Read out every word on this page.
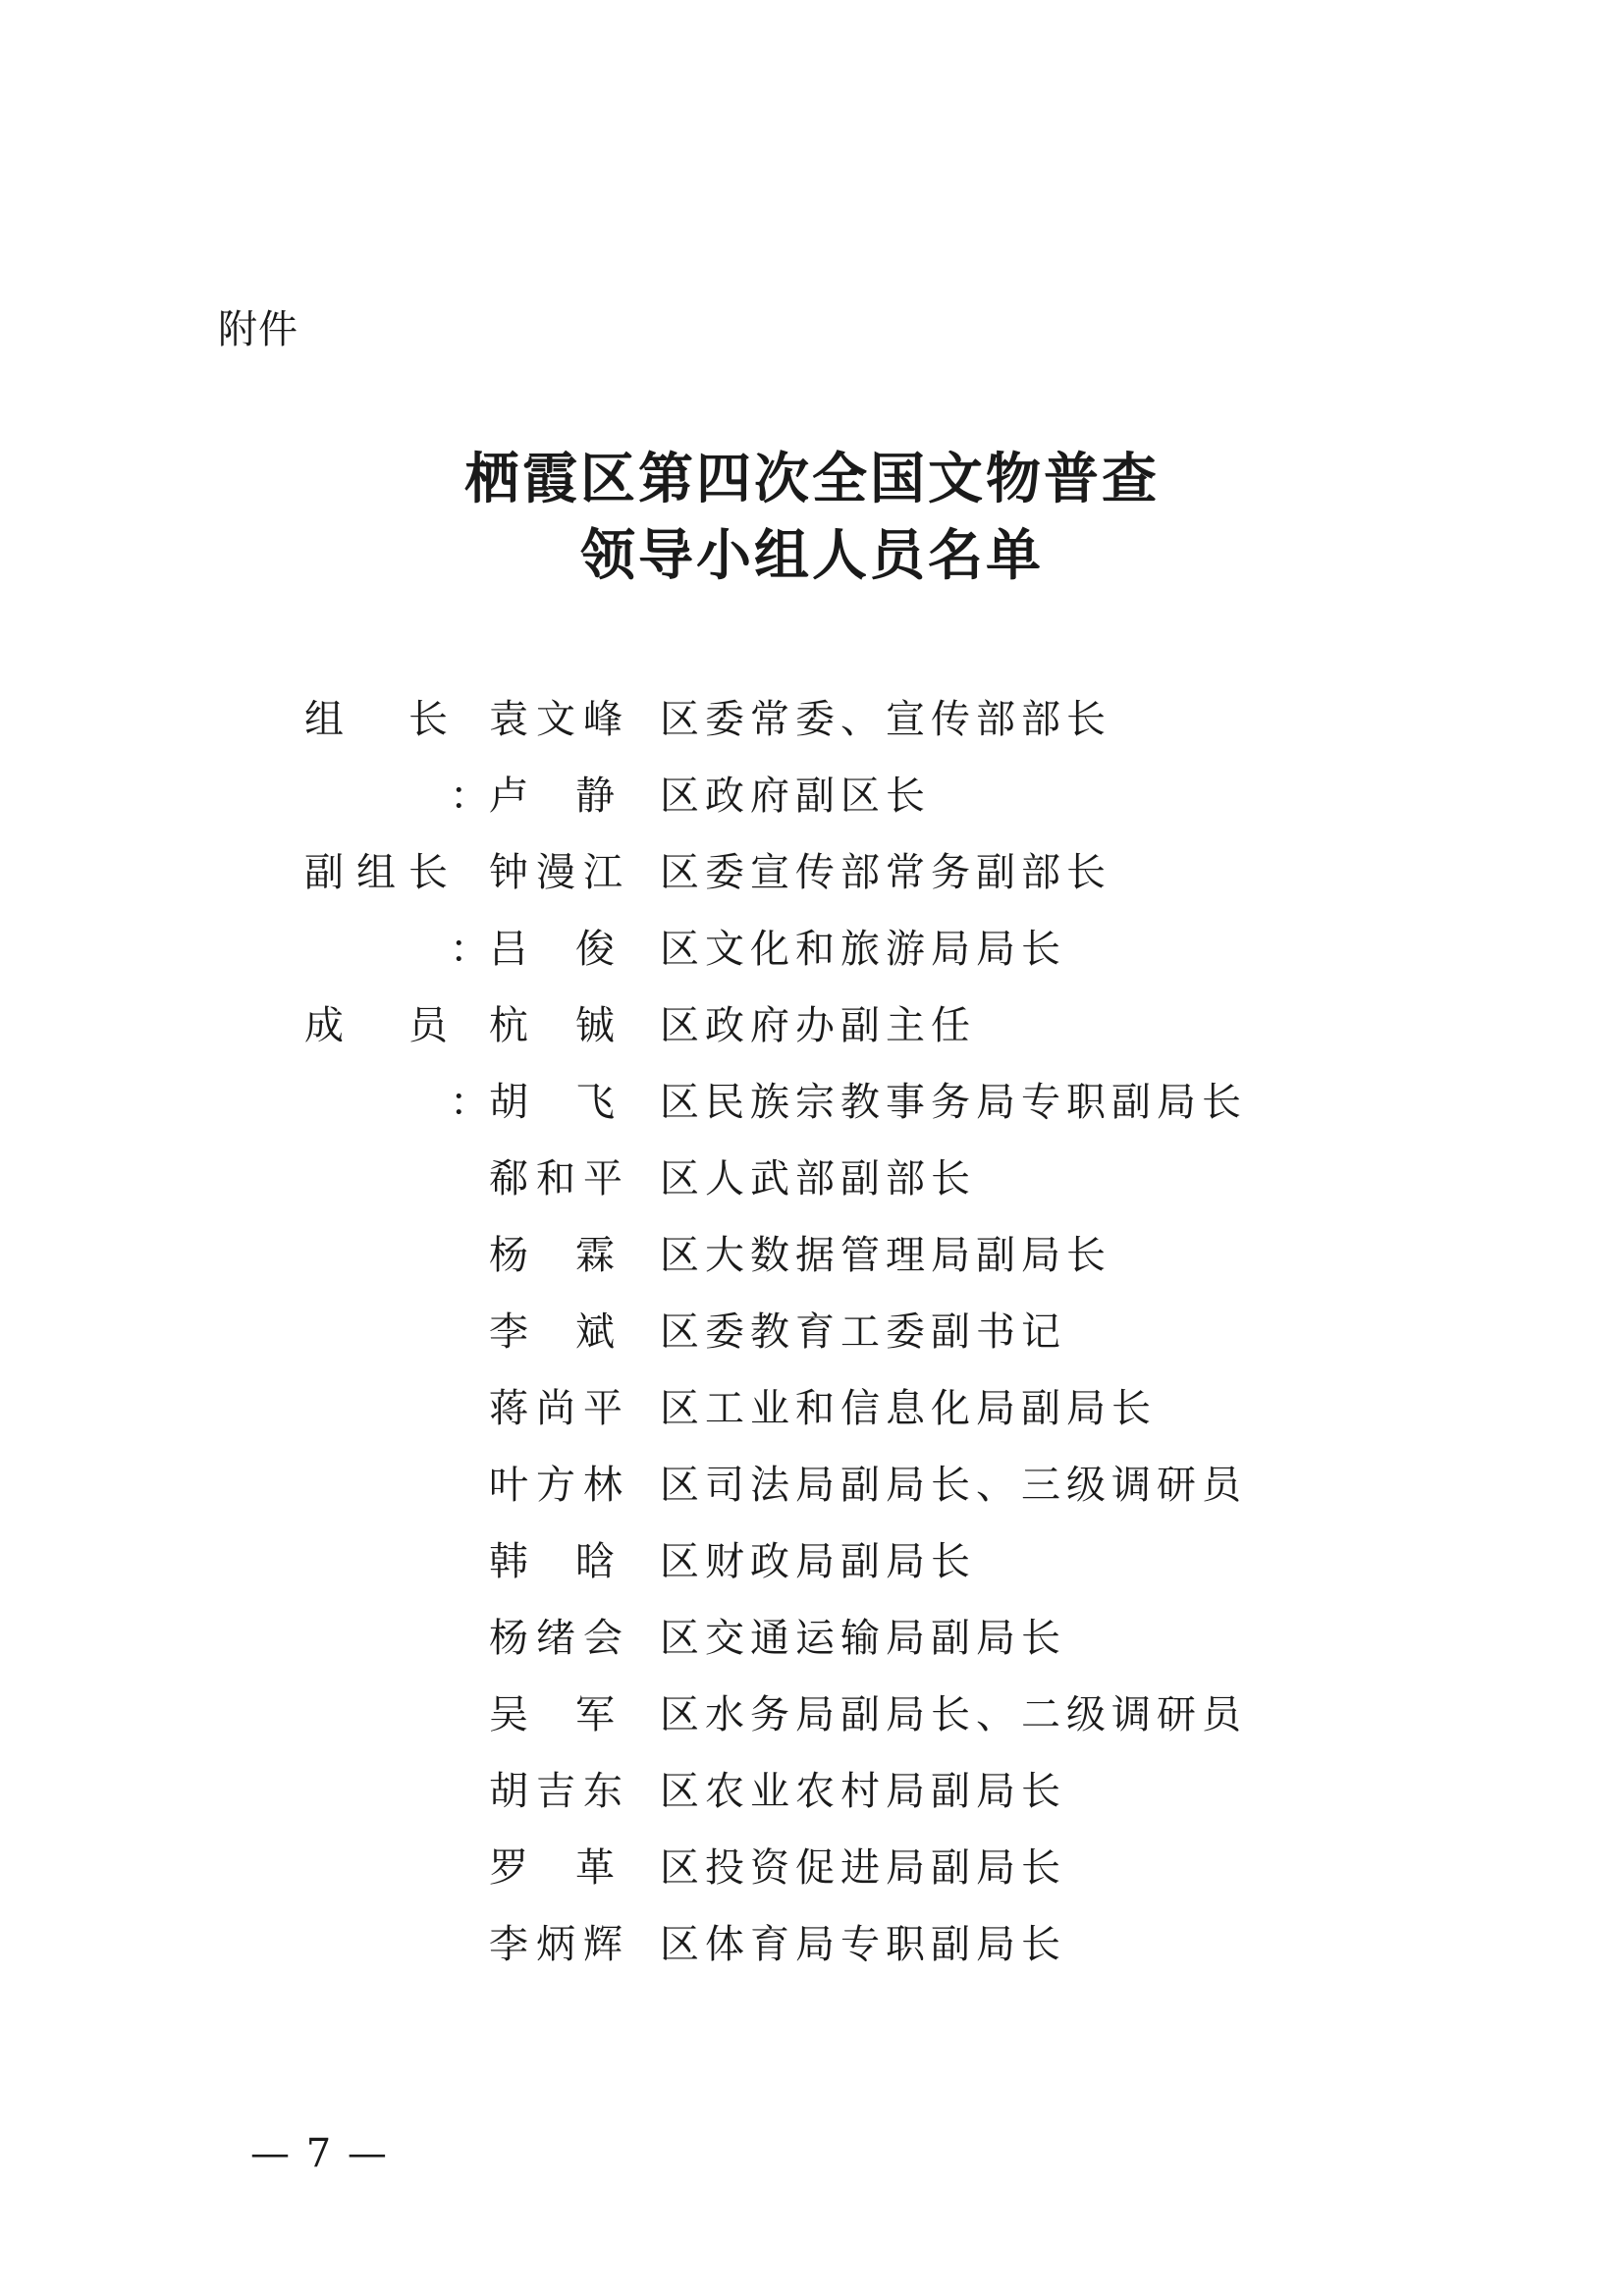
附件
栖霞区第四次全国文物普查
领导小组人员名单
组 长
：
袁文峰 区委常委、宣传部部长
卢 静 区政府副区长
副 组 长
：
钟漫江 区委宣传部常务副部长
吕 俊 区文化和旅游局局长
成 员
：
杭 铖 区政府办副主任
胡 飞 区民族宗教事务局专职副局长
郗和平 区人武部副部长
杨 霖 区大数据管理局副局长
李 斌 区委教育工委副书记
蒋尚平 区工业和信息化局副局长
叶方林 区司法局副局长、三级调研员
韩 晗 区财政局副局长
杨绪会 区交通运输局副局长
吴 军 区水务局副局长、二级调研员
胡吉东 区农业农村局副局长
罗 革 区投资促进局副局长
李炳辉 区体育局专职副局长
— 7 —
